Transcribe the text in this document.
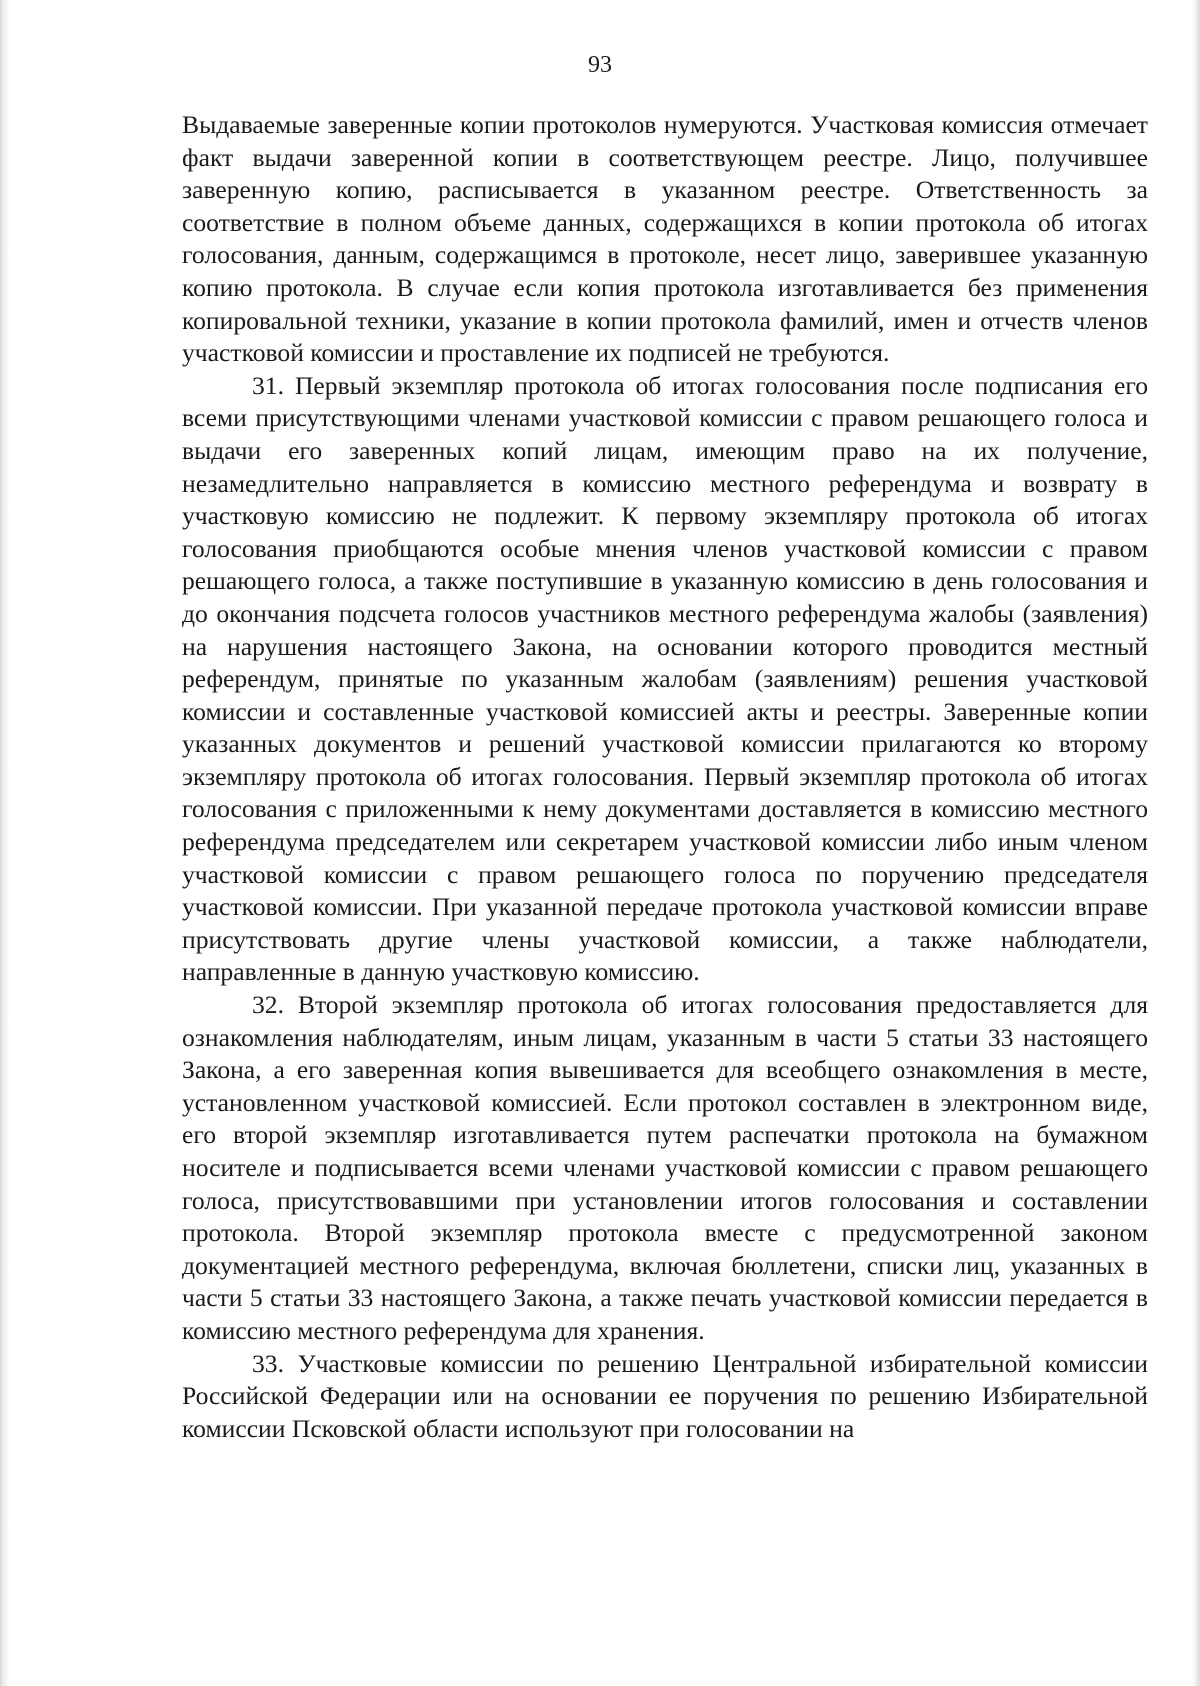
93

Выдаваемые заверенные копии протоколов нумеруются. Участковая комиссия отмечает факт выдачи заверенной копии в соответствующем реестре. Лицо, получившее заверенную копию, расписывается в указанном реестре. Ответственность за соответствие в полном объеме данных, содержащихся в копии протокола об итогах голосования, данным, содержащимся в протоколе, несет лицо, заверившее указанную копию протокола. В случае если копия протокола изготавливается без применения копировальной техники, указание в копии протокола фамилий, имен и отчеств членов участковой комиссии и проставление их подписей не требуются.

31. Первый экземпляр протокола об итогах голосования после подписания его всеми присутствующими членами участковой комиссии с правом решающего голоса и выдачи его заверенных копий лицам, имеющим право на их получение, незамедлительно направляется в комиссию местного референдума и возврату в участковую комиссию не подлежит. К первому экземпляру протокола об итогах голосования приобщаются особые мнения членов участковой комиссии с правом решающего голоса, а также поступившие в указанную комиссию в день голосования и до окончания подсчета голосов участников местного референдума жалобы (заявления) на нарушения настоящего Закона, на основании которого проводится местный референдум, принятые по указанным жалобам (заявлениям) решения участковой комиссии и составленные участковой комиссией акты и реестры. Заверенные копии указанных документов и решений участковой комиссии прилагаются ко второму экземпляру протокола об итогах голосования. Первый экземпляр протокола об итогах голосования с приложенными к нему документами доставляется в комиссию местного референдума председателем или секретарем участковой комиссии либо иным членом участковой комиссии с правом решающего голоса по поручению председателя участковой комиссии. При указанной передаче протокола участковой комиссии вправе присутствовать другие члены участковой комиссии, а также наблюдатели, направленные в данную участковую комиссию.

32. Второй экземпляр протокола об итогах голосования предоставляется для ознакомления наблюдателям, иным лицам, указанным в части 5 статьи 33 настоящего Закона, а его заверенная копия вывешивается для всеобщего ознакомления в месте, установленном участковой комиссией. Если протокол составлен в электронном виде, его второй экземпляр изготавливается путем распечатки протокола на бумажном носителе и подписывается всеми членами участковой комиссии с правом решающего голоса, присутствовавшими при установлении итогов голосования и составлении протокола. Второй экземпляр протокола вместе с предусмотренной законом документацией местного референдума, включая бюллетени, списки лиц, указанных в части 5 статьи 33 настоящего Закона, а также печать участковой комиссии передается в комиссию местного референдума для хранения.

33. Участковые комиссии по решению Центральной избирательной комиссии Российской Федерации или на основании ее поручения по решению Избирательной комиссии Псковской области используют при голосовании на
